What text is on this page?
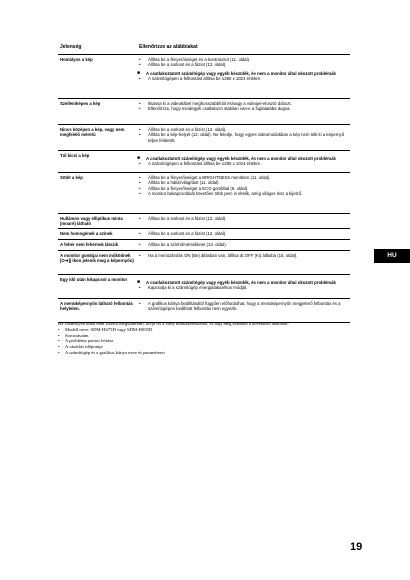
Jelenség	Ellenőrizze az alábbiakat
Homályos a kép	•	Állítsa be a fényerősséget és a kontrasztot (11. oldal).
•	Állítsa be a sorkost és a fázist (12. oldal).
■	A csatlakoztatott számítógép vagy egyéb készülék, és nem a monitor által okozott problémák
•	A számítógépen a felbontást állítsa be 1280 x 1024 értékre.
Szellemképes a kép	•	Iktassa ki a videokábel meghosszabbítóit és/vagy a videojel-elosztó dobozt.
•	Ellenőrizze, hogy mindegyik csatlakozó stabilan van-e a foglalatába dugva.
Nincs középen a kép, vagy nem megfelelő méretű
•	Állítsa be a sorkost és a fázist (12. oldal).
•	Állítsa be a kép-helyét (12. oldal). Ne feledje, hogy egyes videomódokban a kép nem tölti ki a képernyő teljes felületét.
Túl kicsi a kép	■	A csatlakoztatott számítógép vagy egyéb készülék, és nem a monitor által okozott problémák
•	A számítógépen a felbontást állítsa be 1280 x 1024 értékre.
Sötét a kép	•	Állítsa be a fényerősséget a BRIGHTNESS menüben (11. oldal).
•	Állítsa be a háttérvilágítást (11. oldal).
•	Állítsa be a fényerősséget a ECO gombbal (9. oldal).
•	A monitor bekapcsolását követően több perc is eltelik, amíg világos lesz a kijelző.
Hullámos vagy elliptikus minta (moaré) látható
•	Állítsa be a sorkost és a fázist (12. oldal).
Nem homogének a színek	•	Állítsa be a sorkost és a fázist (12. oldal).
A fehér nem fehérnek látszik	•	Állítsa be a színhőmérsékletet (13. oldal).
A monitor gombjai nem működnek
[O➜]( ikon jelenik meg a képernyőn)
•	Ha a menüzárolás ON (Be) állásban van, állítsa át OFF (Ki) állásba (15. oldal).
Egy idő után kikapcsol a monitor	■	A csatlakoztatott számítógép vagy egyéb készülék, és nem a monitor által okozott problémák
•	Kapcsolja ki a számítógép energiatakarékos módját.
A menüképernyőn látható felbontás helytelen.
•	A grafikus kártya beállításától függően előfordulhat, hogy a menüképernyőn megjelenő felbontás és a számítógépen beállított felbontás nem egyezik.
HU
Ha valamilyen hibát nem sikerül megszüntetni, hívja fel a Sony márkakereskedőt, és adja meg számára a következő adatokat:
•	Modell neve: SDM-HS75D vagy SDM-HS95D
•	Sorozatszám
•	A probléma pontos leírása
•	A vásárlás időpontja
•	A számítógép és a grafikus kártya neve és paraméterei
19
